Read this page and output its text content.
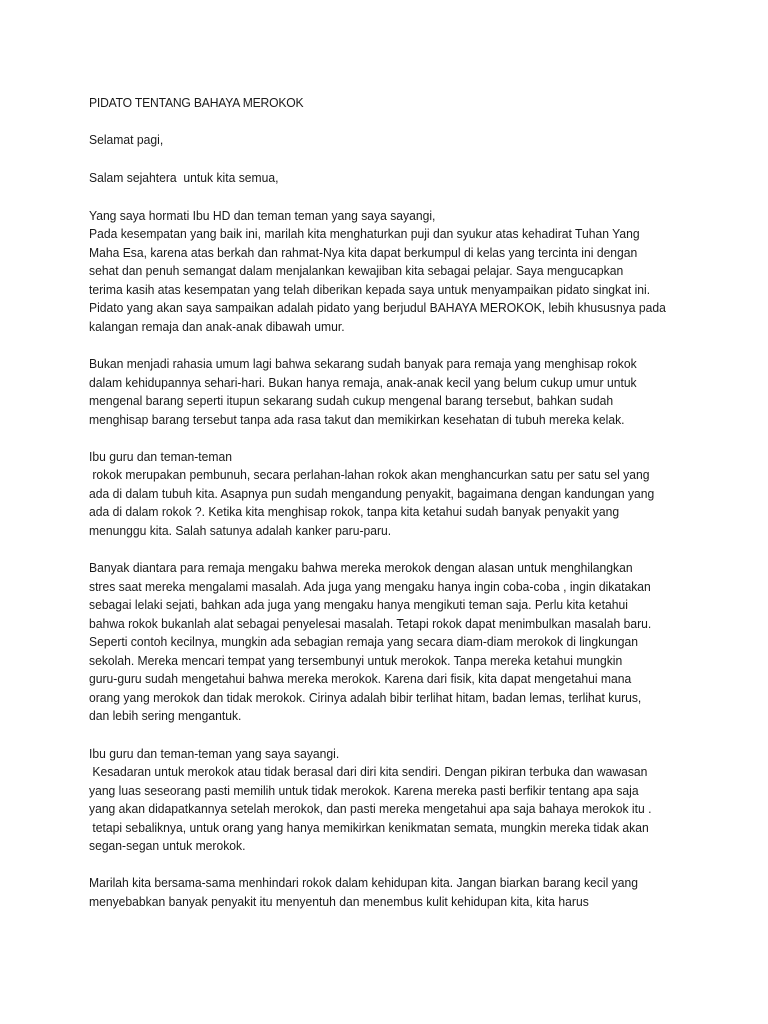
PIDATO TENTANG BAHAYA MEROKOK
Selamat pagi,
Salam sejahtera  untuk kita semua,
Yang saya hormati Ibu HD dan teman teman yang saya sayangi,
Pada kesempatan yang baik ini, marilah kita menghaturkan puji dan syukur atas kehadirat Tuhan Yang
Maha Esa, karena atas berkah dan rahmat-Nya kita dapat berkumpul di kelas yang tercinta ini dengan
sehat dan penuh semangat dalam menjalankan kewajiban kita sebagai pelajar. Saya mengucapkan
terima kasih atas kesempatan yang telah diberikan kepada saya untuk menyampaikan pidato singkat ini.
Pidato yang akan saya sampaikan adalah pidato yang berjudul BAHAYA MEROKOK, lebih khususnya pada
kalangan remaja dan anak-anak dibawah umur.
Bukan menjadi rahasia umum lagi bahwa sekarang sudah banyak para remaja yang menghisap rokok
dalam kehidupannya sehari-hari. Bukan hanya remaja, anak-anak kecil yang belum cukup umur untuk
mengenal barang seperti itupun sekarang sudah cukup mengenal barang tersebut, bahkan sudah
menghisap barang tersebut tanpa ada rasa takut dan memikirkan kesehatan di tubuh mereka kelak.
Ibu guru dan teman-teman
rokok merupakan pembunuh, secara perlahan-lahan rokok akan menghancurkan satu per satu sel yang
ada di dalam tubuh kita. Asapnya pun sudah mengandung penyakit, bagaimana dengan kandungan yang
ada di dalam rokok ?. Ketika kita menghisap rokok, tanpa kita ketahui sudah banyak penyakit yang
menunggu kita. Salah satunya adalah kanker paru-paru.
Banyak diantara para remaja mengaku bahwa mereka merokok dengan alasan untuk menghilangkan
stres saat mereka mengalami masalah. Ada juga yang mengaku hanya ingin coba-coba , ingin dikatakan
sebagai lelaki sejati, bahkan ada juga yang mengaku hanya mengikuti teman saja. Perlu kita ketahui
bahwa rokok bukanlah alat sebagai penyelesai masalah. Tetapi rokok dapat menimbulkan masalah baru.
Seperti contoh kecilnya, mungkin ada sebagian remaja yang secara diam-diam merokok di lingkungan
sekolah. Mereka mencari tempat yang tersembunyi untuk merokok. Tanpa mereka ketahui mungkin
guru-guru sudah mengetahui bahwa mereka merokok. Karena dari fisik, kita dapat mengetahui mana
orang yang merokok dan tidak merokok. Cirinya adalah bibir terlihat hitam, badan lemas, terlihat kurus,
dan lebih sering mengantuk.
Ibu guru dan teman-teman yang saya sayangi.
Kesadaran untuk merokok atau tidak berasal dari diri kita sendiri. Dengan pikiran terbuka dan wawasan
yang luas seseorang pasti memilih untuk tidak merokok. Karena mereka pasti berfikir tentang apa saja
yang akan didapatkannya setelah merokok, dan pasti mereka mengetahui apa saja bahaya merokok itu .
tetapi sebaliknya, untuk orang yang hanya memikirkan kenikmatan semata, mungkin mereka tidak akan
segan-segan untuk merokok.
Marilah kita bersama-sama menhindari rokok dalam kehidupan kita. Jangan biarkan barang kecil yang
menyebabkan banyak penyakit itu menyentuh dan menembus kulit kehidupan kita, kita harus
